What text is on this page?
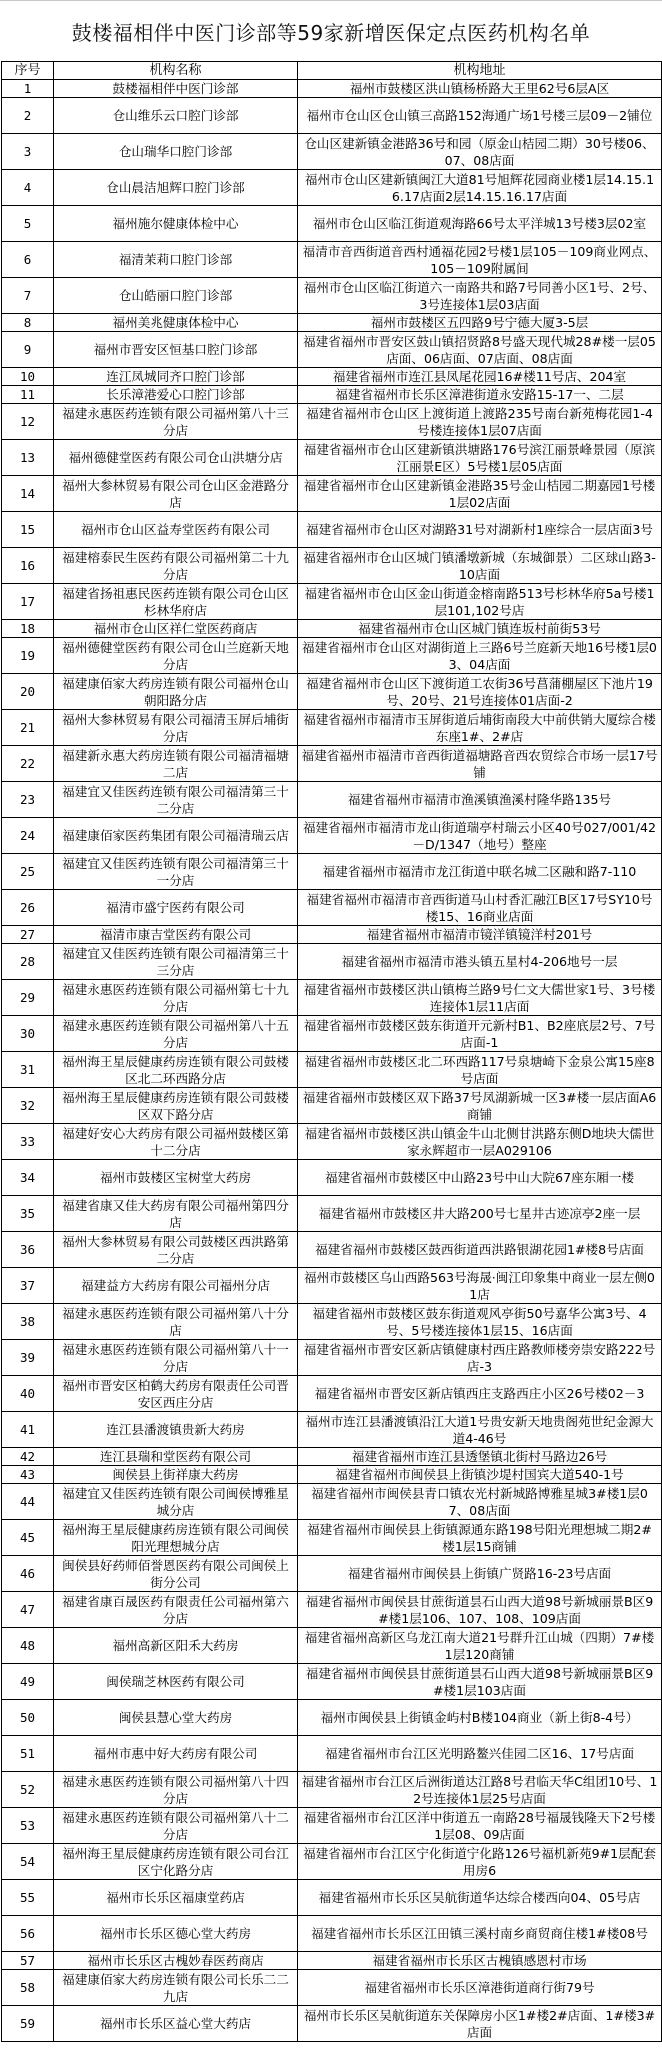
鼓楼福相伴中医门诊部等59家新增医保定点医药机构名单
序号	机构名称	机构地址
1	鼓楼福相伴中医门诊部	福州市鼓楼区洪山镇杨桥路大王里62号6层A区
2	仓山维乐云口腔门诊部	福州市仓山区仓山镇三高路152海通广场1号楼三层09－2铺位
3	仓山瑞华口腔门诊部	仓山区建新镇金港路36号和园（原金山桔园二期）30号楼06、07、08店面
4	仓山晨洁旭辉口腔门诊部	福州市仓山区建新镇闽江大道81号旭辉花园商业楼1层14.15.16.17店面2层14.15.16.17店面
5	福州施尔健康体检中心	福州市仓山区临江街道观海路66号太平洋城13号楼3层02室
6	福清茉莉口腔门诊部	福清市音西街道音西村通福花园2号楼1层105－109商业网点、105－109附属间
7	仓山皓丽口腔门诊部	福州市仓山区临江街道六一南路共和路7号同善小区1号、2号、3号连接体1层03店面
8	福州美兆健康体检中心	福州市鼓楼区五四路9号宁德大厦3-5层
9	福州市晋安区恒基口腔门诊部	福建省福州市晋安区鼓山镇招贤路8号盛天现代城28#楼一层05店面、06店面、07店面、08店面
10	连江凤城同齐口腔门诊部	福建省福州市连江县凤尾花园16#楼11号店、204室
11	长乐漳港爱心口腔门诊部	福建省福州市长乐区漳港街道永安路15-17一、二层
12	福建永惠医药连锁有限公司福州第八十三分店	福建省福州市仓山区上渡街道上渡路235号南台新苑梅花园1-4号楼连接体1层07店面
13	福州德健堂医药有限公司仓山洪塘分店	福建省福州市仓山区建新镇洪塘路176号滨江丽景峰景园（原滨江丽景E区）5号楼1层05店面
14	福州大参林贸易有限公司仓山区金港路分店	福建省福州市仓山区建新镇金港路35号金山桔园二期嘉园1号楼1层02店面
15	福州市仓山区益寿堂医药有限公司	福建省福州市仓山区对湖路31号对湖新村1座综合一层店面3号
16	福建榕泰民生医药有限公司福州第二十九分店	福建省福州市仓山区城门镇潘墩新城（东城御景）二区球山路3-10店面
17	福建省扬祖惠民医药连锁有限公司仓山区杉林华府店	福建省福州市仓山区金山街道金榕南路513号杉林华府5a号楼1层101,102号店
18	福州市仓山区祥仁堂医药商店	福建省福州市仓山区城门镇连坂村前街53号
19	福州德健堂医药有限公司仓山兰庭新天地分店	福建省福州市仓山区对湖街道上三路6号兰庭新天地16号楼1层03、04店面
20	福建康佰家大药房连锁有限公司福州仓山朝阳路分店	福建省福州市仓山区下渡街道工农街36号菖蒲棚屋区下池片19号、20号、21号连接体01店面-2
21	福州大参林贸易有限公司福清玉屏后埔街分店	福建省福州市福清市玉屏街道后埔街南段大中前供销大厦综合楼东座1#、2#店
22	福建新永惠大药房连锁有限公司福清福塘二店	福建省福州市福清市音西街道福塘路音西农贸综合市场一层17号铺
23	福建宜又佳医药连锁有限公司福清第三十二分店	福建省福州市福清市渔溪镇渔溪村隆华路135号
24	福建康佰家医药集团有限公司福清瑞云店	福建省福州市福清市龙山街道瑞亭村瑞云小区40号027/001/42－D/1347（地号）整座
25	福建宜又佳医药连锁有限公司福清第三十一分店	福建省福州市福清市龙江街道中联名城二区融和路7-110
26	福清市盛宁医药有限公司	福建省福州市福清市音西街道马山村香汇融江B区17号SY10号楼15、16商业店面
27	福清市康吉堂医药有限公司	福建省福州市福清市镜洋镇镜洋村201号
28	福建宜又佳医药连锁有限公司福清第三十三分店	福建省福州市福清市港头镇五星村4-206地号一层
29	福建永惠医药连锁有限公司福州第七十九分店	福建省福州市鼓楼区洪山镇梅兰路9号仁文大儒世家1号、3号楼连接体1层11店面
30	福建永惠医药连锁有限公司福州第八十五分店	福建省福州市鼓楼区鼓东街道开元新村B1、B2座底层2号、7号店面-1
31	福州海王星辰健康药房连锁有限公司鼓楼区北二环西路分店	福建省福州市鼓楼区北二环西路117号泉塘崎下金泉公寓15座8号店面
32	福州海王星辰健康药房连锁有限公司鼓楼区双下路分店	福建省福州市鼓楼区双下路37号凤湖新城一区3#楼一层店面A6商铺
33	福建好安心大药房有限公司福州鼓楼区第十二分店	福建省福州市鼓楼区洪山镇金牛山北侧甘洪路东侧D地块大儒世家永辉超市一层A029106
34	福州市鼓楼区宝树堂大药房	福建省福州市鼓楼区中山路23号中山大院67座东厢一楼
35	福建省康又佳大药房有限公司福州第四分店	福建省福州市鼓楼区井大路200号七星井古迹凉亭2座一层
36	福州大参林贸易有限公司鼓楼区西洪路第二分店	福建省福州市鼓楼区鼓西街道西洪路银湖花园1#楼8号店面
37	福建益方大药房有限公司福州分店	福州市鼓楼区乌山西路563号海晟·闽江印象集中商业一层左侧01店
38	福建永惠医药连锁有限公司福州第八十分店	福建省福州市鼓楼区鼓东街道观风亭街50号嘉华公寓3号、4号、5号楼连接体1层15、16店面
39	福建永惠医药连锁有限公司福州第八十一分店	福建省福州市晋安区新店镇健康村西庄路教师楼旁崇安路222号店-3
40	福州市晋安区柏鹤大药房有限责任公司晋安区西庄分店	福建省福州市晋安区新店镇西庄支路西庄小区26号楼02－3
41	连江县潘渡镇贵新大药房	福州市连江县潘渡镇沿江大道1号贵安新天地贵阁苑世纪金源大道4-46号
42	连江县瑞和堂医药有限公司	福建省福州市连江县透堡镇北街村马路边26号
43	闽侯县上街祥康大药房	福建省福州市闽侯县上街镇沙堤村国宾大道540-1号
44	福建宜又佳医药连锁有限公司闽侯博雅星城分店	福建省福州市闽侯县青口镇农光村新城路博雅星城3#楼1层07、08店面
45	福州海王星辰健康药房连锁有限公司闽侯阳光理想城分店	福建省福州市闽侯县上街镇源通东路198号阳光理想城二期2#楼1层15商铺
46	闽侯县好药师佰誉恩医药有限公司闽侯上街分公司	福建省福州市闽侯县上街镇广贤路16-23号店面
47	福建省康百晟医药有限责任公司福州第六分店	福建省福州市闽侯县甘蔗街道昙石山西大道98号新城丽景B区9#楼1层106、107、108、109店面
48	福州高新区阳禾大药房	福建省福州高新区乌龙江南大道21号群升江山城（四期）7#楼1层120商铺
49	闽侯瑞芝林医药有限公司	福建省福州市闽侯县甘蔗街道昙石山西大道98号新城丽景B区9#楼1层103店面
50	闽侯县慧心堂大药房	福州市闽侯县上街镇金屿村B楼104商业（新上街8-4号）
51	福州市惠中好大药房有限公司	福建省福州市台江区光明路鳌兴佳园二区16、17号店面
52	福建永惠医药连锁有限公司福州第八十四分店	福建省福州市台江区后洲街道达江路8号君临天华C组团10号、12号连接体1层25号店面
53	福建永惠医药连锁有限公司福州第八十二分店	福建省福州市台江区洋中街道五一南路28号福晟钱隆天下2号楼1层08、09店面
54	福州海王星辰健康药房连锁有限公司台江区宁化路分店	福建省福州市台江区宁化街道宁化路126号福机新苑9#1层配套用房6
55	福州市长乐区福康堂药店	福建省福州市长乐区吴航街道华达综合楼西向04、05号店
56	福州市长乐区德心堂大药房	福建省福州市长乐区江田镇三溪村南乡商贸商住楼1#楼08号
57	福州市长乐区古槐妙春医药商店	福建省福州市长乐区古槐镇感恩村市场
58	福建康佰家大药房连锁有限公司长乐二二九店	福建省福州市长乐区漳港街道商行街79号
59	福州市长乐区益心堂大药店	福州市长乐区吴航街道东关保障房小区1#楼2#店面、1#楼3#店面
